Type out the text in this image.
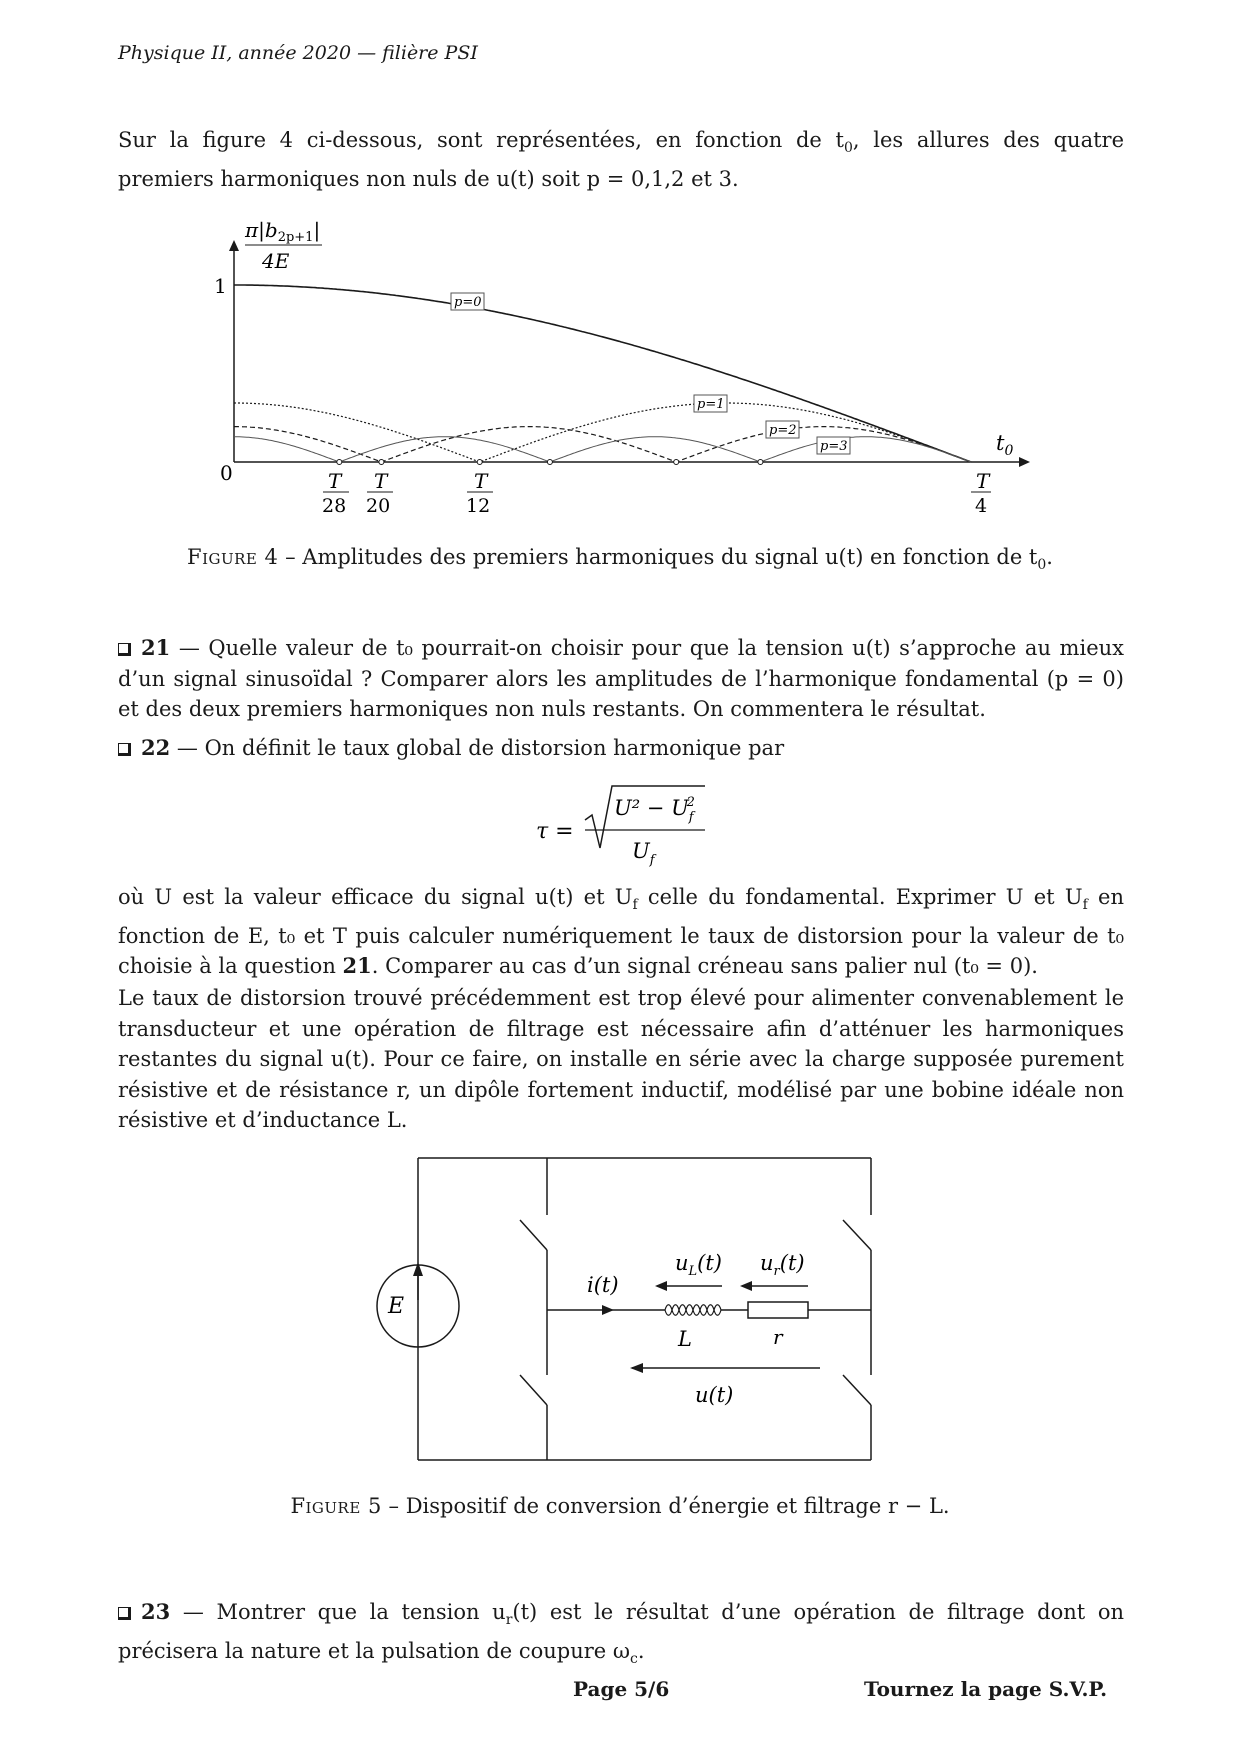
Physique II, année 2020 — filière PSI
Sur la figure 4 ci-dessous, sont représentées, en fonction de $t_0$, les allures des quatre premiers harmoniques non nuls de u(t) soit p = 0,1,2 et 3.
$\pi|b_{2p+1}|$
4E
1
0
$t_0$
T
28
T
20
T
12
T
4
p=0
p=1
p=2
p=3
Figure 4 – Amplitudes des premiers harmoniques du signal u(t) en fonction de $t_0$.
21 — Quelle valeur de t₀ pourrait-on choisir pour que la tension u(t) s’approche au mieux d’un signal sinusoïdal ? Comparer alors les amplitudes de l’harmonique fondamental (p = 0) et des deux premiers harmoniques non nuls restants. On commentera le résultat.
22 — On définit le taux global de distorsion harmonique par
τ =
$U^2 - U_f2$
$U_f$
où U est la valeur efficace du signal u(t) et $U_f$ celle du fondamental. Exprimer U et $U_f$ en fonction de E, t₀ et T puis calculer numériquement le taux de distorsion pour la valeur de t₀ choisie à la question 21. Comparer au cas d’un signal créneau sans palier nul (t₀ = 0).
Le taux de distorsion trouvé précédemment est trop élevé pour alimenter convenablement le transducteur et une opération de filtrage est nécessaire afin d’atténuer les harmoniques restantes du signal u(t). Pour ce faire, on installe en série avec la charge supposée purement résistive et de résistance r, un dipôle fortement inductif, modélisé par une bobine idéale non résistive et d’inductance L.
E
i(t)
L	r
$u_L(t)$ $u_r(t)$
u(t)
Figure 5 – Dispositif de conversion d’énergie et filtrage r − L.
23 — Montrer que la tension $u_r(t)$ est le résultat d’une opération de filtrage dont on précisera la nature et la pulsation de coupure $\omega_c$.
Page 5/6	Tournez la page S.V.P.
